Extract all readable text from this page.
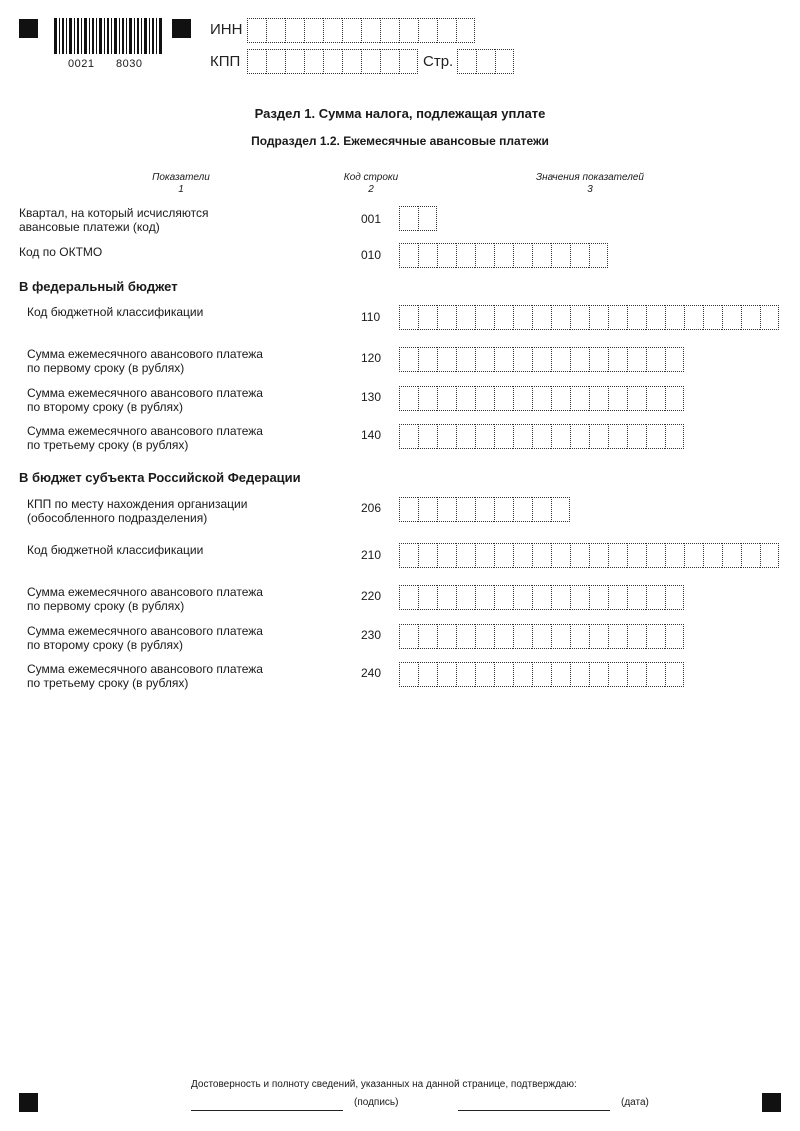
0021 8030
ИНН
КПП	Стр.
Раздел 1. Сумма налога, подлежащая уплате
Подраздел 1.2. Ежемесячные авансовые платежи
Показатели
1
Код строки
2
Значения показателей
3
Квартал, на который исчисляются
авансовые платежи (код)
001
Код по ОКТМО	010
В федеральный бюджет
Код бюджетной классификации	110
Сумма ежемесячного авансового платежа
по первому сроку (в рублях)
120
Сумма ежемесячного авансового платежа
по второму сроку (в рублях)
130
Сумма ежемесячного авансового платежа
по третьему сроку (в рублях)
140
В бюджет субъекта Российской Федерации
КПП по месту нахождения организации
(обособленного подразделения)
206
Код бюджетной классификации	210
Сумма ежемесячного авансового платежа
по первому сроку (в рублях)
220
Сумма ежемесячного авансового платежа
по второму сроку (в рублях)
230
Сумма ежемесячного авансового платежа
по третьему сроку (в рублях)
240
Достоверность и полноту сведений, указанных на данной странице, подтверждаю:
(подпись)	(дата)
